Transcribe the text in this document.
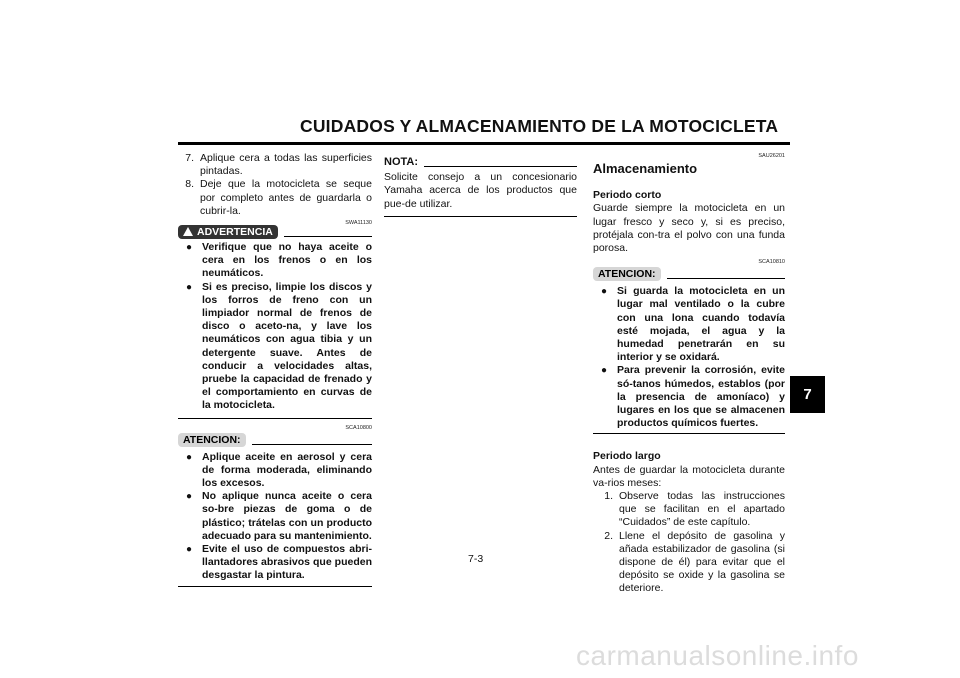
CUIDADOS Y ALMACENAMIENTO DE LA MOTOCICLETA
7. Aplique cera a todas las superficies pintadas.
8. Deje que la motocicleta se seque por completo antes de guardarla o cubrir-la.
ADVERTENCIA
SWA11130
● Verifique que no haya aceite o cera en los frenos o en los neumáticos.
● Si es preciso, limpie los discos y los forros de freno con un limpiador normal de frenos de disco o aceto-na, y lave los neumáticos con agua tibia y un detergente suave. Antes de conducir a velocidades altas, pruebe la capacidad de frenado y el comportamiento en curvas de la motocicleta.
SCA10800
ATENCION:
● Aplique aceite en aerosol y cera de forma moderada, eliminando los excesos.
● No aplique nunca aceite o cera so-bre piezas de goma o de plástico; trátelas con un producto adecuado para su mantenimiento.
● Evite el uso de compuestos abri-llantadores abrasivos que pueden desgastar la pintura.
NOTA:
Solicite consejo a un concesionario Yamaha acerca de los productos que pue-de utilizar.
SAU26201
Almacenamiento
Periodo corto
Guarde siempre la motocicleta en un lugar fresco y seco y, si es preciso, protéjala con-tra el polvo con una funda porosa.
SCA10810
ATENCION:
● Si guarda la motocicleta en un lugar mal ventilado o la cubre con una lona cuando todavía esté mojada, el agua y la humedad penetrarán en su interior y se oxidará.
● Para prevenir la corrosión, evite só-tanos húmedos, establos (por la presencia de amoníaco) y lugares en los que se almacenen productos químicos fuertes.
Periodo largo
Antes de guardar la motocicleta durante va-rios meses:
1. Observe todas las instrucciones que se facilitan en el apartado “Cuidados” de este capítulo.
2. Llene el depósito de gasolina y añada estabilizador de gasolina (si dispone de él) para evitar que el depósito se oxide y la gasolina se deteriore.
7
7-3
carmanualsonline.info
